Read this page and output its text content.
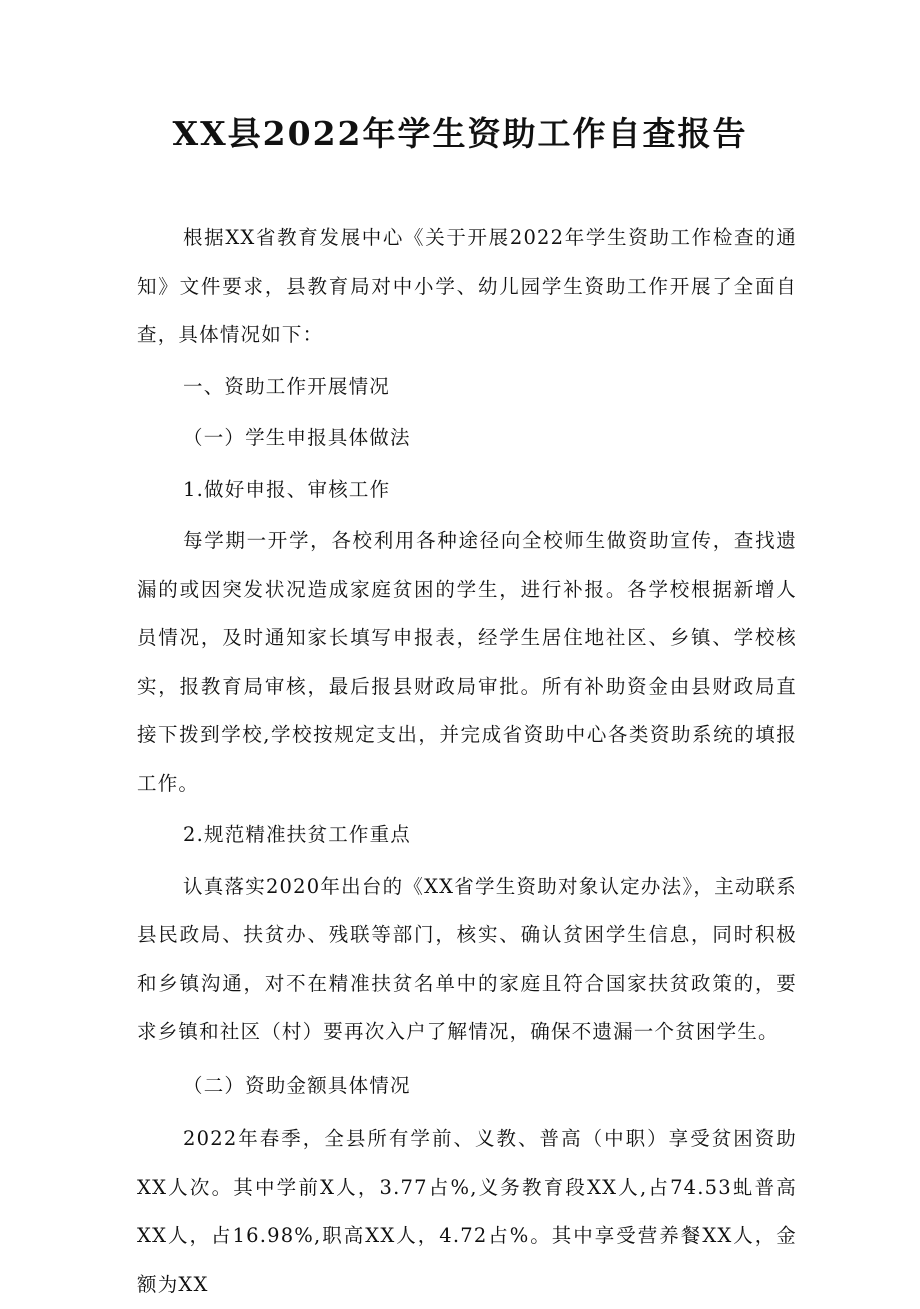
XX县2022年学生资助工作自查报告

根据XX省教育发展中心《关于开展2022年学生资助工作检查的通知》文件要求，县教育局对中小学、幼儿园学生资助工作开展了全面自查，具体情况如下：

一、资助工作开展情况

（一）学生申报具体做法

1.做好申报、审核工作

每学期一开学，各校利用各种途径向全校师生做资助宣传，查找遗漏的或因突发状况造成家庭贫困的学生，进行补报。各学校根据新增人员情况，及时通知家长填写申报表，经学生居住地社区、乡镇、学校核实，报教育局审核，最后报县财政局审批。所有补助资金由县财政局直接下拨到学校,学校按规定支出，并完成省资助中心各类资助系统的填报工作。

2.规范精准扶贫工作重点

认真落实2020年出台的《XX省学生资助对象认定办法》，主动联系县民政局、扶贫办、残联等部门，核实、确认贫困学生信息，同时积极和乡镇沟通，对不在精准扶贫名单中的家庭且符合国家扶贫政策的，要求乡镇和社区（村）要再次入户了解情况，确保不遗漏一个贫困学生。

（二）资助金额具体情况

2022年春季，全县所有学前、义教、普高（中职）享受贫困资助XX人次。其中学前X人，3.77占%,义务教育段XX人,占74.53虬普高XX人，占16.98%,职高XX人，4.72占%。其中享受营养餐XX人，金额为XX
